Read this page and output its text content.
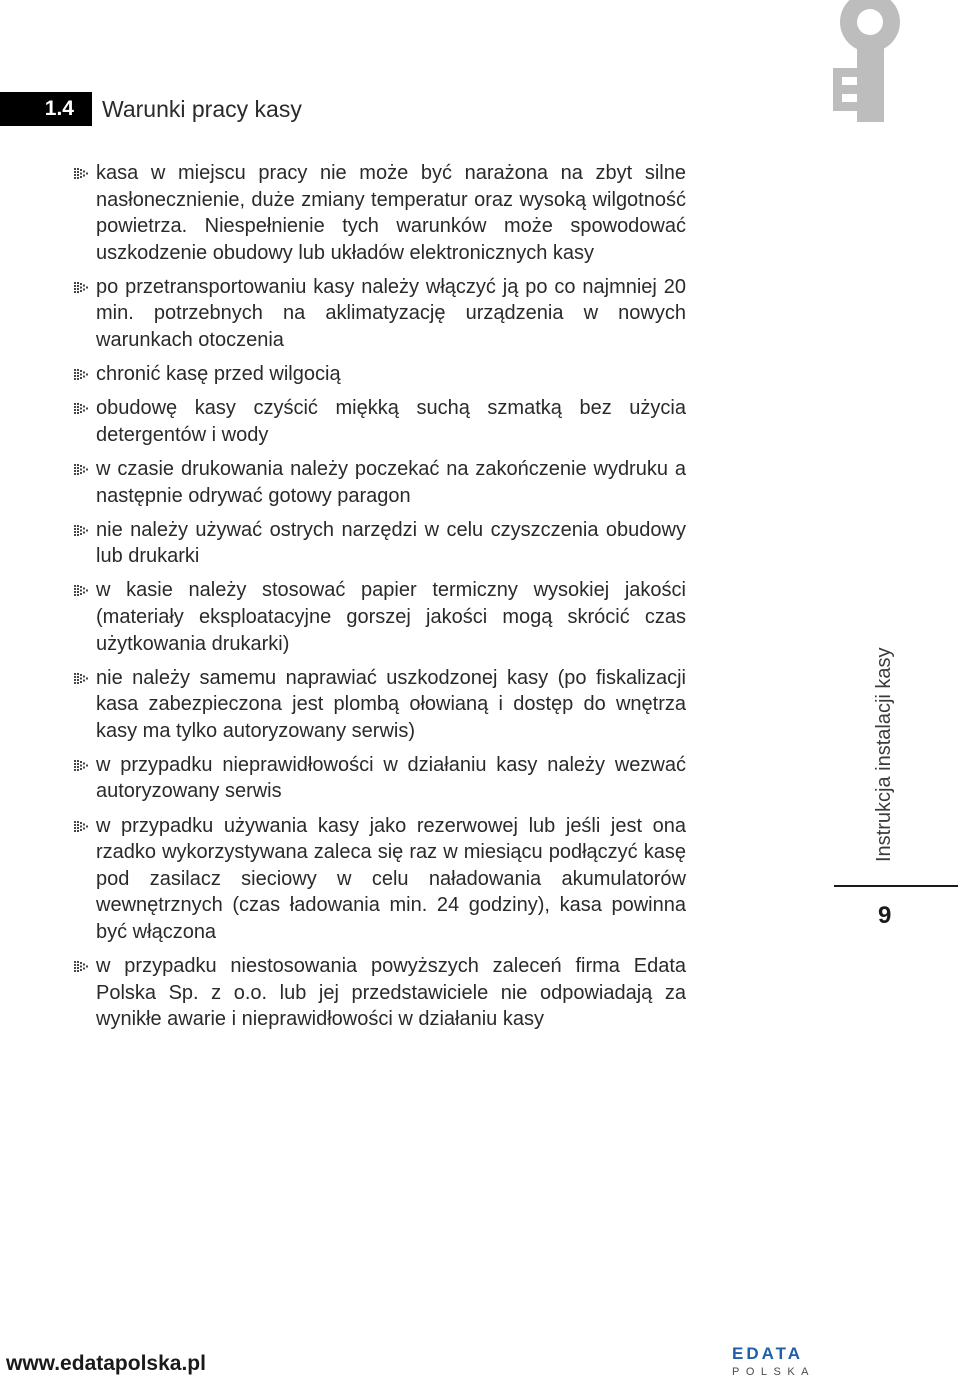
1.4	Warunki pracy kasy
kasa w miejscu pracy nie może być narażona na zbyt silne nasłonecznienie, duże zmiany temperatur oraz wysoką wilgotność powietrza. Niespełnienie tych warunków może spowodować uszkodzenie obudowy lub układów elektronicznych kasy
po przetransportowaniu kasy należy włączyć ją po co najmniej 20 min. potrzebnych na aklimatyzację urządzenia w nowych warunkach otoczenia
chronić kasę przed wilgocią
obudowę kasy czyścić miękką suchą szmatką bez użycia detergentów i wody
w czasie drukowania należy poczekać na zakończenie wydruku a następnie odrywać gotowy paragon
nie należy używać ostrych narzędzi w celu czyszczenia obudowy lub drukarki
w kasie należy stosować papier termiczny wysokiej jakości (materiały eksploatacyjne gorszej jakości mogą skrócić czas użytkowania drukarki)
nie należy samemu naprawiać uszkodzonej kasy (po fiskalizacji kasa zabezpieczona jest plombą ołowianą i dostęp do wnętrza kasy ma tylko autoryzowany serwis)
w przypadku nieprawidłowości w działaniu kasy należy wezwać autoryzowany serwis
w przypadku używania kasy jako rezerwowej lub jeśli jest ona rzadko wykorzystywana zaleca się raz w miesiącu podłączyć kasę pod zasilacz sieciowy w celu naładowania akumulatorów wewnętrznych (czas ładowania min. 24 godziny), kasa powinna być włączona
w przypadku niestosowania powyższych zaleceń firma Edata Polska Sp. z o.o. lub jej przedstawiciele nie odpowiadają za wynikłe awarie i nieprawidłowości w działaniu kasy
Instrukcja instalacji kasy
9
www.edatapolska.pl	EDATA
POLSKA
